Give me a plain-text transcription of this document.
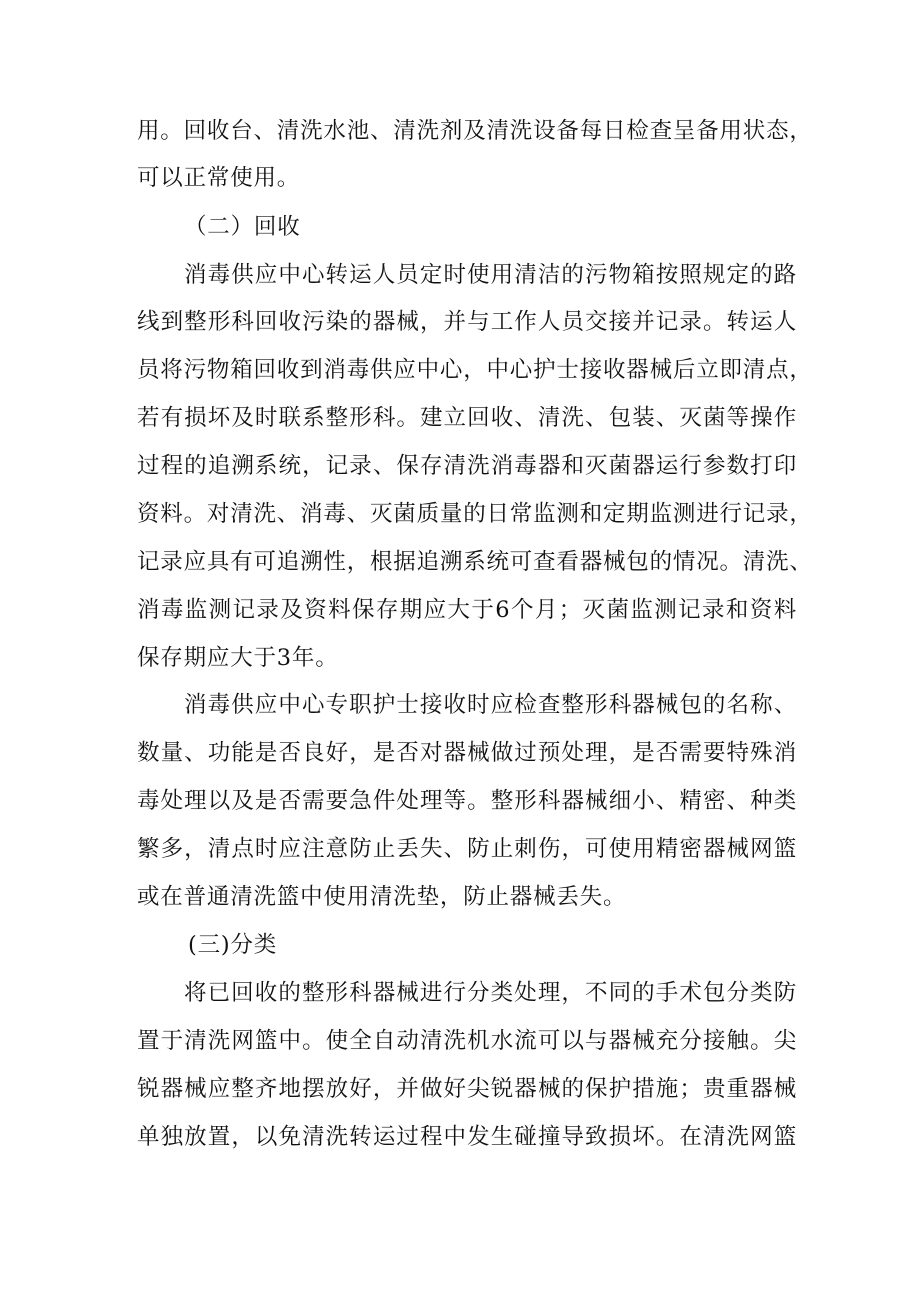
用。回收台、清洗水池、清洗剂及清洗设备每日检查呈备用状态，
可以正常使用。
（二）回收
消毒供应中心转运人员定时使用清洁的污物箱按照规定的路
线到整形科回收污染的器械，并与工作人员交接并记录。转运人
员将污物箱回收到消毒供应中心，中心护士接收器械后立即清点，
若有损坏及时联系整形科。建立回收、清洗、包装、灭菌等操作
过程的追溯系统，记录、保存清洗消毒器和灭菌器运行参数打印
资料。对清洗、消毒、灭菌质量的日常监测和定期监测进行记录，
记录应具有可追溯性，根据追溯系统可查看器械包的情况。清洗、
消毒监测记录及资料保存期应大于6个月；灭菌监测记录和资料
保存期应大于3年。
消毒供应中心专职护士接收时应检查整形科器械包的名称、
数量、功能是否良好，是否对器械做过预处理，是否需要特殊消
毒处理以及是否需要急件处理等。整形科器械细小、精密、种类
繁多，清点时应注意防止丢失、防止刺伤，可使用精密器械网篮
或在普通清洗篮中使用清洗垫，防止器械丢失。
(三)分类
将已回收的整形科器械进行分类处理，不同的手术包分类防
置于清洗网篮中。使全自动清洗机水流可以与器械充分接触。尖
锐器械应整齐地摆放好，并做好尖锐器械的保护措施；贵重器械
单独放置，以免清洗转运过程中发生碰撞导致损坏。在清洗网篮
